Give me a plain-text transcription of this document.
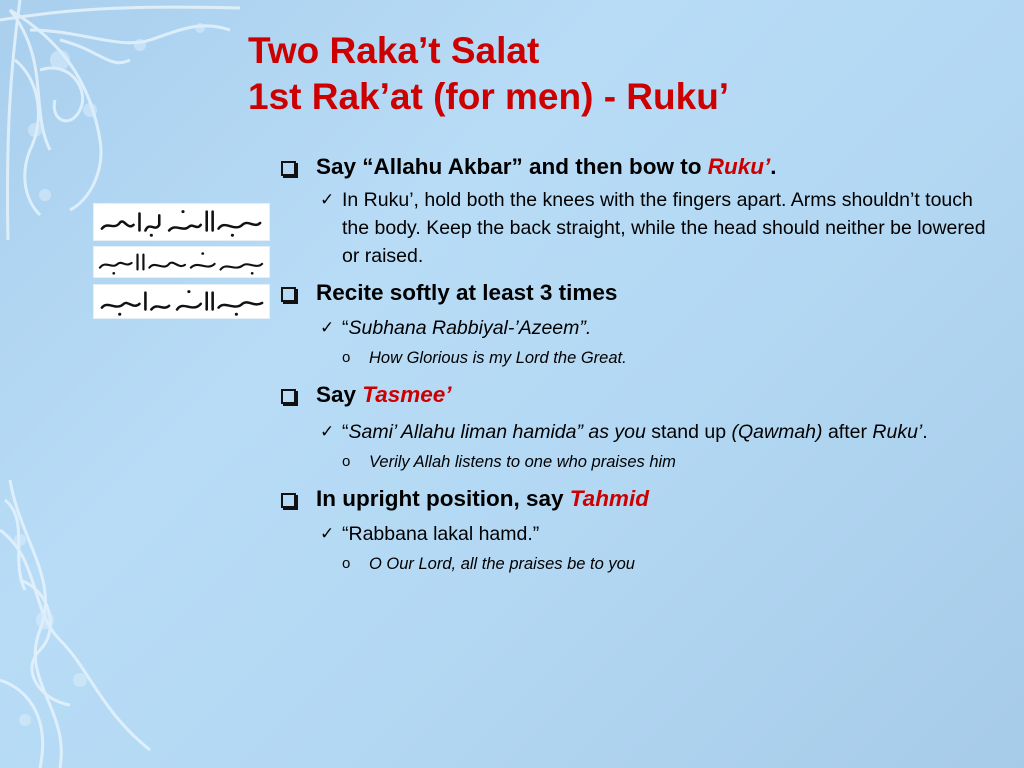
Two Raka’t Salat
1st Rak’at (for men) - Ruku’

Say “Allahu Akbar” and then bow to Ruku’.

✓ In Ruku’, hold both the knees with the fingers apart. Arms shouldn’t touch the body. Keep the back straight, while the head should neither be lowered or raised.

Recite softly at least 3 times

✓ “Subhana Rabbiyal-’Azeem”.

o How Glorious is my Lord the Great.

Say Tasmee’

✓ “Sami’ Allahu liman hamida” as you stand up (Qawmah) after Ruku’.

o Verily Allah listens to one who praises him

In upright position, say Tahmid

✓ “Rabbana lakal hamd.”

o O Our Lord, all the praises be to you
